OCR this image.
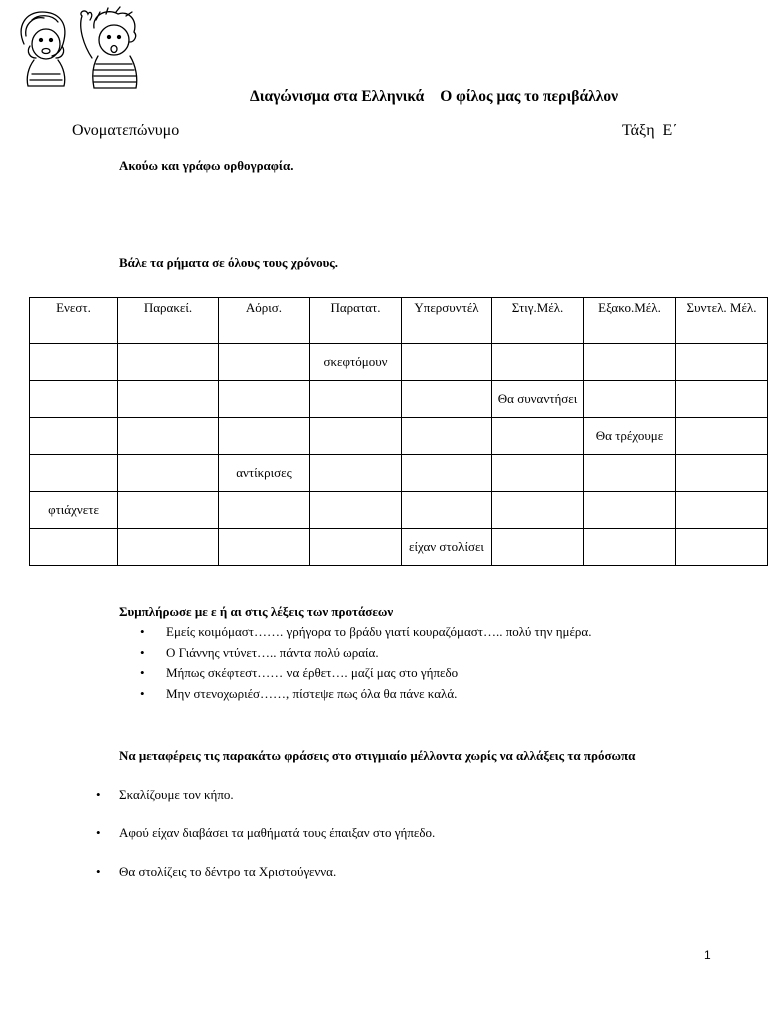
Διαγώνισμα στα Ελληνικά Ο φίλος μας το περιβάλλον
Ονοματεπώνυμο	Τάξη  Ε΄
Ακούω και γράφω ορθογραφία.
Βάλε τα ρήματα σε όλους τους χρόνους.
Ενεστ.	Παρακεί.	Αόρισ.	Παρατατ.	Υπερσυντέλ	Στιγ.Μέλ.	Εξακο.Μέλ.	Συντελ. Μέλ.
			σκεφτόμουν				
					Θα συναντήσει		
						Θα τρέχουμε	
		αντίκρισες					
φτιάχνετε							
				είχαν στολίσει			
Συμπλήρωσε με ε ή αι στις λέξεις των προτάσεων
• Εμείς κοιμόμαστ……. γρήγορα το βράδυ γιατί κουραζόμαστ….. πολύ την ημέρα.
• Ο Γιάννης ντύνετ….. πάντα πολύ ωραία.
• Μήπως σκέφτεστ…… να έρθετ…. μαζί μας στο γήπεδο
• Μην στενοχωριέσ……, πίστεψε πως όλα θα πάνε καλά.
Να μεταφέρεις τις παρακάτω φράσεις στο στιγμιαίο μέλλοντα χωρίς να αλλάξεις τα πρόσωπα
• Σκαλίζουμε τον κήπο.
• Αφού είχαν διαβάσει τα μαθήματά τους έπαιξαν στο γήπεδο.
• Θα στολίζεις το δέντρο τα Χριστούγεννα.
1
